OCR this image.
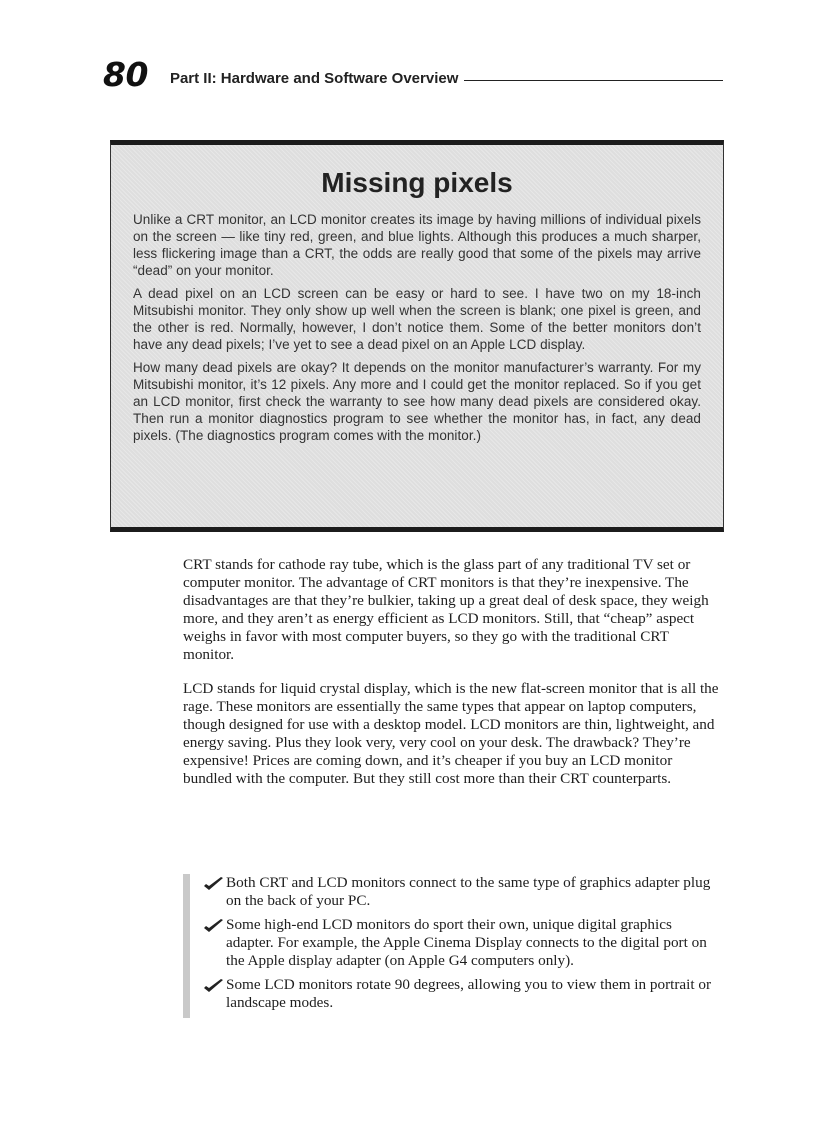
80 Part II: Hardware and Software Overview
Missing pixels

Unlike a CRT monitor, an LCD monitor creates its image by having millions of individual pixels on the screen — like tiny red, green, and blue lights. Although this produces a much sharper, less flickering image than a CRT, the odds are really good that some of the pixels may arrive “dead” on your monitor.

A dead pixel on an LCD screen can be easy or hard to see. I have two on my 18-inch Mitsubishi monitor. They only show up well when the screen is blank; one pixel is green, and the other is red. Normally, however, I don’t notice them. Some of the better monitors don’t have any dead pixels; I’ve yet to see a dead pixel on an Apple LCD display.

How many dead pixels are okay? It depends on the monitor manufacturer’s warranty. For my Mitsubishi monitor, it’s 12 pixels. Any more and I could get the monitor replaced. So if you get an LCD monitor, first check the warranty to see how many dead pixels are considered okay. Then run a monitor diagnostics program to see whether the monitor has, in fact, any dead pixels. (The diagnostics program comes with the monitor.)

CRT stands for cathode ray tube, which is the glass part of any traditional TV set or computer monitor. The advantage of CRT monitors is that they’re inexpensive. The disadvantages are that they’re bulkier, taking up a great deal of desk space, they weigh more, and they aren’t as energy efficient as LCD monitors. Still, that “cheap” aspect weighs in favor with most computer buyers, so they go with the traditional CRT monitor.

LCD stands for liquid crystal display, which is the new flat-screen monitor that is all the rage. These monitors are essentially the same types that appear on laptop computers, though designed for use with a desktop model. LCD monitors are thin, lightweight, and energy saving. Plus they look very, very cool on your desk. The drawback? They’re expensive! Prices are coming down, and it’s cheaper if you buy an LCD monitor bundled with the computer. But they still cost more than their CRT counterparts.

Both CRT and LCD monitors connect to the same type of graphics adapter plug on the back of your PC.
Some high-end LCD monitors do sport their own, unique digital graphics adapter. For example, the Apple Cinema Display connects to the digital port on the Apple display adapter (on Apple G4 computers only).
Some LCD monitors rotate 90 degrees, allowing you to view them in portrait or landscape modes.
